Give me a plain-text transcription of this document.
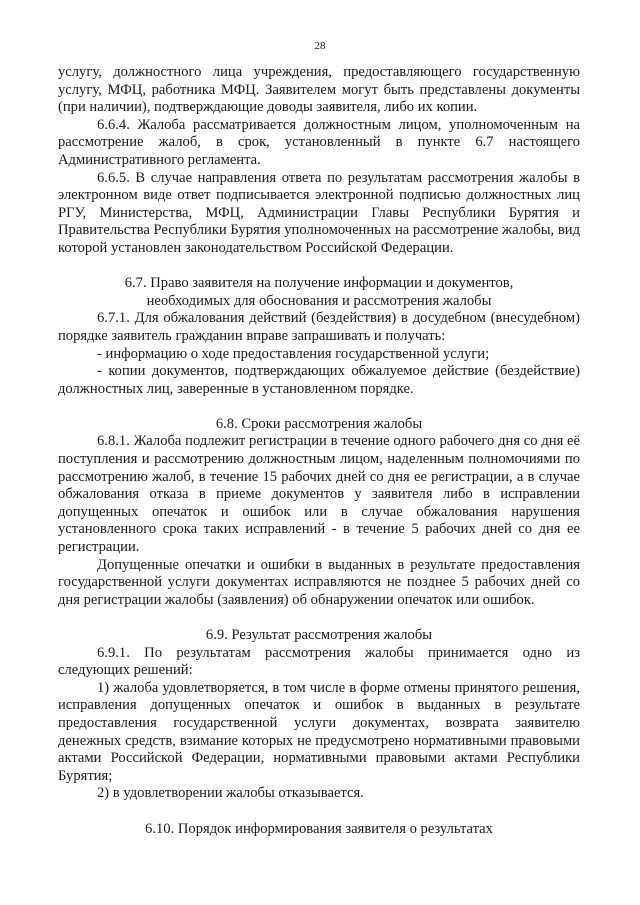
28

услугу, должностного лица учреждения, предоставляющего государственную услугу, МФЦ, работника МФЦ. Заявителем могут быть представлены документы (при наличии), подтверждающие доводы заявителя, либо их копии.

6.6.4. Жалоба рассматривается должностным лицом, уполномоченным на рассмотрение жалоб, в срок, установленный в пункте 6.7 настоящего Административного регламента.

6.6.5. В случае направления ответа по результатам рассмотрения жалобы в электронном виде ответ подписывается электронной подписью должностных лиц РГУ, Министерства, МФЦ, Администрации Главы Республики Бурятия и Правительства Республики Бурятия уполномоченных на рассмотрение жалобы, вид которой установлен законодательством Российской Федерации.

6.7. Право заявителя на получение информации и документов,

необходимых для обоснования и рассмотрения жалобы

6.7.1. Для обжалования действий (бездействия) в досудебном (внесудебном) порядке заявитель гражданин вправе запрашивать и получать:

- информацию о ходе предоставления государственной услуги;

- копии документов, подтверждающих обжалуемое действие (бездействие) должностных лиц, заверенные в установленном порядке.

6.8. Сроки рассмотрения жалобы

6.8.1. Жалоба подлежит регистрации в течение одного рабочего дня со дня её поступления и рассмотрению должностным лицом, наделенным полномочиями по рассмотрению жалоб, в течение 15 рабочих дней со дня ее регистрации, а в случае обжалования отказа в приеме документов у заявителя либо в исправлении допущенных опечаток и ошибок или в случае обжалования нарушения установленного срока таких исправлений - в течение 5 рабочих дней со дня ее регистрации.

Допущенные опечатки и ошибки в выданных в результате предоставления государственной услуги документах исправляются не позднее 5 рабочих дней со дня регистрации жалобы (заявления) об обнаружении опечаток или ошибок.

6.9. Результат рассмотрения жалобы

6.9.1. По результатам рассмотрения жалобы принимается одно из следующих решений:

1) жалоба удовлетворяется, в том числе в форме отмены принятого решения, исправления допущенных опечаток и ошибок в выданных в результате предоставления государственной услуги документах, возврата заявителю денежных средств, взимание которых не предусмотрено нормативными правовыми актами Российской Федерации, нормативными правовыми актами Республики Бурятия;

2) в удовлетворении жалобы отказывается.

6.10. Порядок информирования заявителя о результатах
